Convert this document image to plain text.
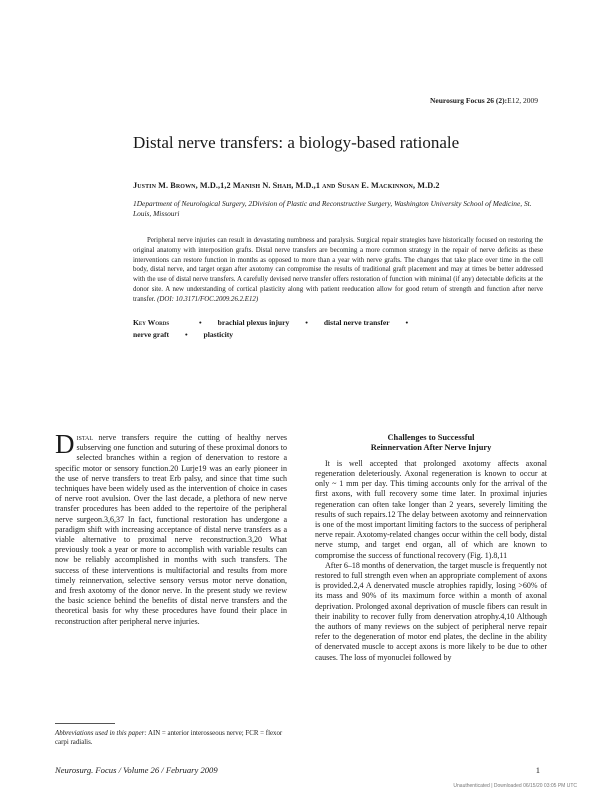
Neurosurg Focus 26 (2):E12, 2009
Distal nerve transfers: a biology-based rationale
Justin M. Brown, M.D.,1,2 Manish N. Shah, M.D.,1 and Susan E. Mackinnon, M.D.2
1Department of Neurological Surgery, 2Division of Plastic and Reconstructive Surgery, Washington University School of Medicine, St. Louis, Missouri

Peripheral nerve injuries can result in devastating numbness and paralysis. Surgical repair strategies have historically focused on restoring the original anatomy with interposition grafts. Distal nerve transfers are becoming a more common strategy in the repair of nerve deficits as these interventions can restore function in months as opposed to more than a year with nerve grafts. The changes that take place over time in the cell body, distal nerve, and target organ after axotomy can compromise the results of traditional graft placement and may at times be better addressed with the use of distal nerve transfers. A carefully devised nerve transfer offers restoration of function with minimal (if any) detectable deficits at the donor site. A new understanding of cortical plasticity along with patient reeducation allow for good return of strength and function after nerve transfer. (DOI: 10.3171/FOC.2009.26.2.E12)

Key Words	• brachial plexus injury • distal nerve transfer •
nerve graft • plasticity

Distal nerve transfers require the cutting of healthy nerves subserving one function and suturing of these proximal donors to selected branches within a region of denervation to restore a specific motor or sensory function.20 Lurje19 was an early pioneer in the use of nerve transfers to treat Erb palsy, and since that time such techniques have been widely used as the intervention of choice in cases of nerve root avulsion. Over the last decade, a plethora of new nerve transfer procedures has been added to the repertoire of the peripheral nerve surgeon.3,6,37 In fact, functional restoration has undergone a paradigm shift with increasing acceptance of distal nerve transfers as a viable alternative to proximal nerve reconstruction.3,20 What previously took a year or more to accomplish with variable results can now be reliably accomplished in months with such transfers. The success of these interventions is multifactorial and results from more timely reinnervation, selective sensory versus motor nerve donation, and fresh axotomy of the donor nerve. In the present study we review the basic science behind the benefits of distal nerve transfers and the theoretical basis for why these procedures have found their place in reconstruction after peripheral nerve injuries.

Abbreviations used in this paper: AIN = anterior interosseous nerve; FCR = flexor carpi radialis.
Challenges to Successful
Reinnervation After Nerve Injury

It is well accepted that prolonged axotomy affects axonal regeneration deleteriously. Axonal regeneration is known to occur at only ~ 1 mm per day. This timing accounts only for the arrival of the first axons, with full recovery some time later. In proximal injuries regeneration can often take longer than 2 years, severely limiting the results of such repairs.12 The delay between axotomy and reinnervation is one of the most important limiting factors to the success of peripheral nerve repair. Axotomy-related changes occur within the cell body, distal nerve stump, and target end organ, all of which are known to compromise the success of functional recovery (Fig. 1).8,11

After 6–18 months of denervation, the target muscle is frequently not restored to full strength even when an appropriate complement of axons is provided.2,4 A denervated muscle atrophies rapidly, losing >60% of its mass and 90% of its maximum force within a month of axonal deprivation. Prolonged axonal deprivation of muscle fibers can result in their inability to recover fully from denervation atrophy.4,10 Although the authors of many reviews on the subject of peripheral nerve repair refer to the degeneration of motor end plates, the decline in the ability of denervated muscle to accept axons is more likely to be due to other causes. The loss of myonuclei followed by

Neurosurg. Focus / Volume 26 / February 2009	1
Unauthenticated | Downloaded 06/15/20 03:05 PM UTC
